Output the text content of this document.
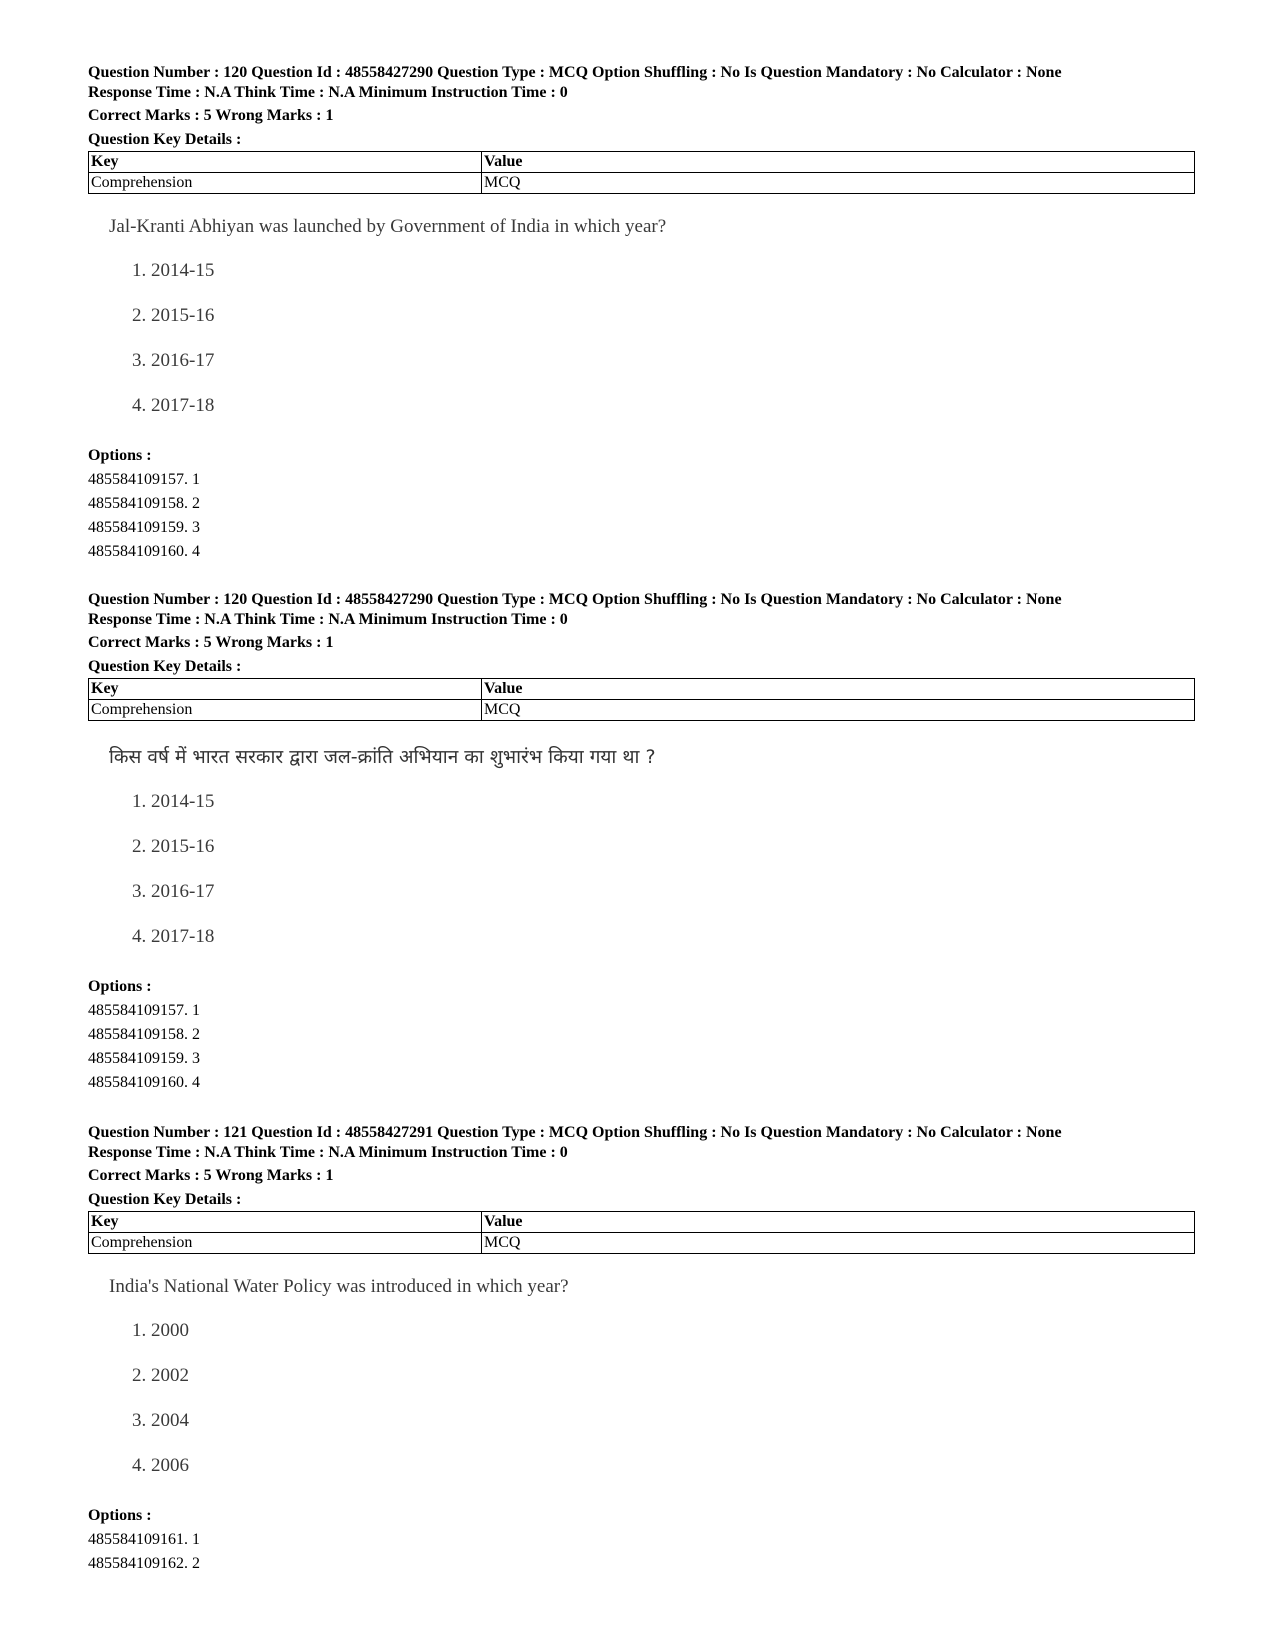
Question Number : 120 Question Id : 48558427290 Question Type : MCQ Option Shuffling : No Is Question Mandatory : No Calculator : None
Response Time : N.A Think Time : N.A Minimum Instruction Time : 0
Correct Marks : 5 Wrong Marks : 1
Question Key Details :
Key	Value
Comprehension	MCQ
Jal-Kranti Abhiyan was launched by Government of India in which year?
1. 2014-15
2. 2015-16
3. 2016-17
4. 2017-18
Options :
485584109157. 1
485584109158. 2
485584109159. 3
485584109160. 4
Question Number : 120 Question Id : 48558427290 Question Type : MCQ Option Shuffling : No Is Question Mandatory : No Calculator : None
Response Time : N.A Think Time : N.A Minimum Instruction Time : 0
Correct Marks : 5 Wrong Marks : 1
Question Key Details :
Key	Value
Comprehension	MCQ
किस वर्ष में भारत सरकार द्वारा जल-क्रांति अभियान का शुभारंभ किया गया था ?
1. 2014-15
2. 2015-16
3. 2016-17
4. 2017-18
Options :
485584109157. 1
485584109158. 2
485584109159. 3
485584109160. 4
Question Number : 121 Question Id : 48558427291 Question Type : MCQ Option Shuffling : No Is Question Mandatory : No Calculator : None
Response Time : N.A Think Time : N.A Minimum Instruction Time : 0
Correct Marks : 5 Wrong Marks : 1
Question Key Details :
Key	Value
Comprehension	MCQ
India's National Water Policy was introduced in which year?
1. 2000
2. 2002
3. 2004
4. 2006
Options :
485584109161. 1
485584109162. 2
